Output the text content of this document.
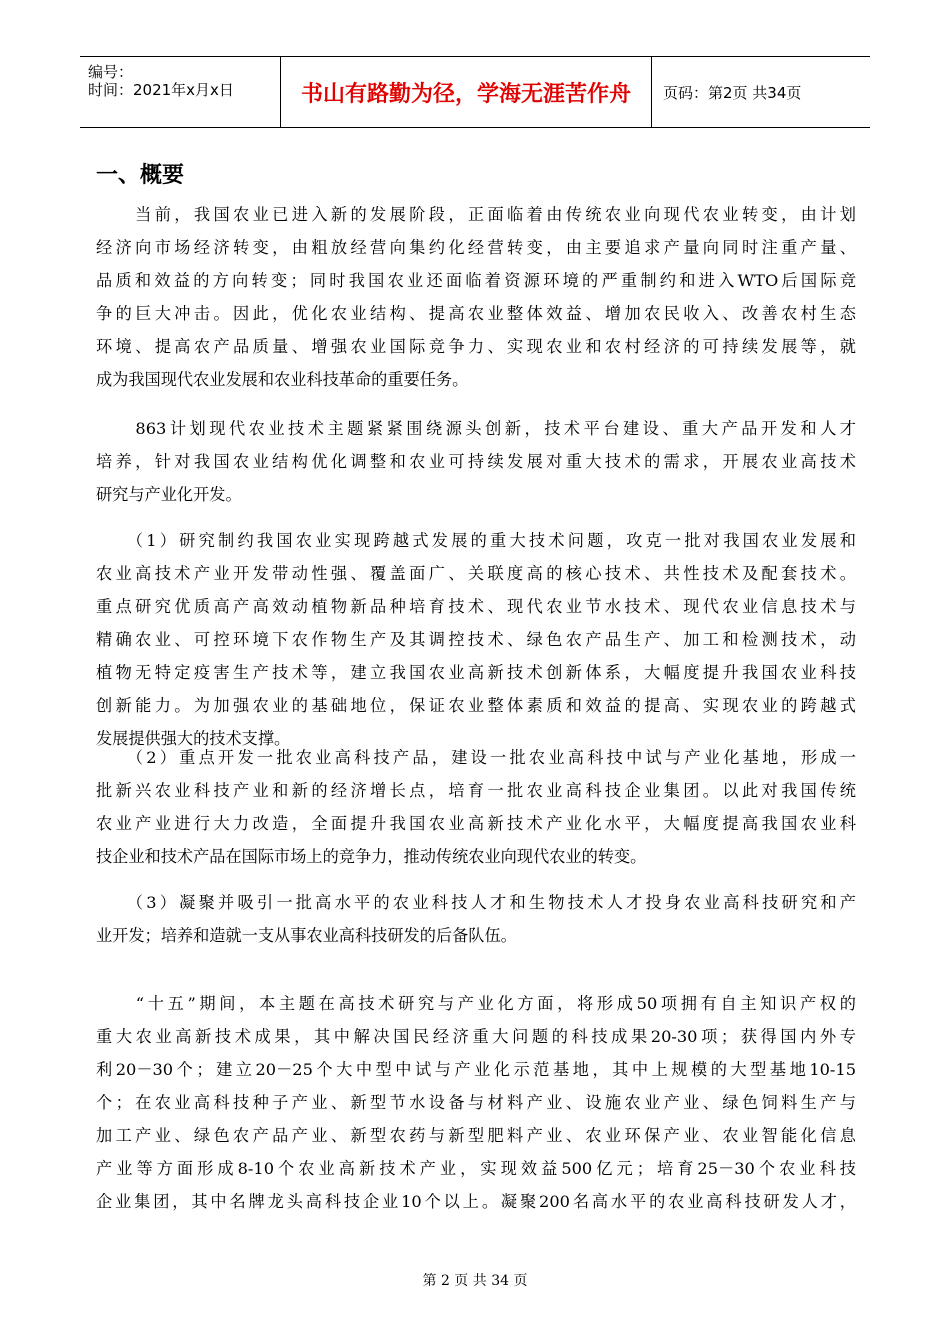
编号：
时间：2021年x月x日	书山有路勤为径，学海无涯苦作舟	页码：第2页 共34页
一、概要
　　当前，我国农业已进入新的发展阶段，正面临着由传统农业向现代农业转变，由计划
经济向市场经济转变，由粗放经营向集约化经营转变，由主要追求产量向同时注重产量、
品质和效益的方向转变；同时我国农业还面临着资源环境的严重制约和进入WTO后国际竞
争的巨大冲击。因此，优化农业结构、提高农业整体效益、增加农民收入、改善农村生态
环境、提高农产品质量、增强农业国际竞争力、实现农业和农村经济的可持续发展等，就
成为我国现代农业发展和农业科技革命的重要任务。
　　863计划现代农业技术主题紧紧围绕源头创新，技术平台建设、重大产品开发和人才
培养，针对我国农业结构优化调整和农业可持续发展对重大技术的需求，开展农业高技术
研究与产业化开发。
　　（1）研究制约我国农业实现跨越式发展的重大技术问题，攻克一批对我国农业发展和
农业高技术产业开发带动性强、覆盖面广、关联度高的核心技术、共性技术及配套技术。
重点研究优质高产高效动植物新品种培育技术、现代农业节水技术、现代农业信息技术与
精确农业、可控环境下农作物生产及其调控技术、绿色农产品生产、加工和检测技术，动
植物无特定疫害生产技术等，建立我国农业高新技术创新体系，大幅度提升我国农业科技
创新能力。为加强农业的基础地位，保证农业整体素质和效益的提高、实现农业的跨越式
发展提供强大的技术支撑。
　　（2）重点开发一批农业高科技产品，建设一批农业高科技中试与产业化基地，形成一
批新兴农业科技产业和新的经济增长点，培育一批农业高科技企业集团。以此对我国传统
农业产业进行大力改造，全面提升我国农业高新技术产业化水平，大幅度提高我国农业科
技企业和技术产品在国际市场上的竞争力，推动传统农业向现代农业的转变。
　　（3）凝聚并吸引一批高水平的农业科技人才和生物技术人才投身农业高科技研究和产
业开发；培养和造就一支从事农业高科技研发的后备队伍。
　　“十五”期间，本主题在高技术研究与产业化方面，将形成50项拥有自主知识产权的
重大农业高新技术成果，其中解决国民经济重大问题的科技成果20-30项；获得国内外专
利20－30个；建立20－25个大中型中试与产业化示范基地，其中上规模的大型基地10-15
个；在农业高科技种子产业、新型节水设备与材料产业、设施农业产业、绿色饲料生产与
加工产业、绿色农产品产业、新型农药与新型肥料产业、农业环保产业、农业智能化信息
产业等方面形成8-10个农业高新技术产业，实现效益500亿元；培育25－30个农业科技
企业集团，其中名牌龙头高科技企业10个以上。凝聚200名高水平的农业高科技研发人才，
第 2 页 共 34 页
